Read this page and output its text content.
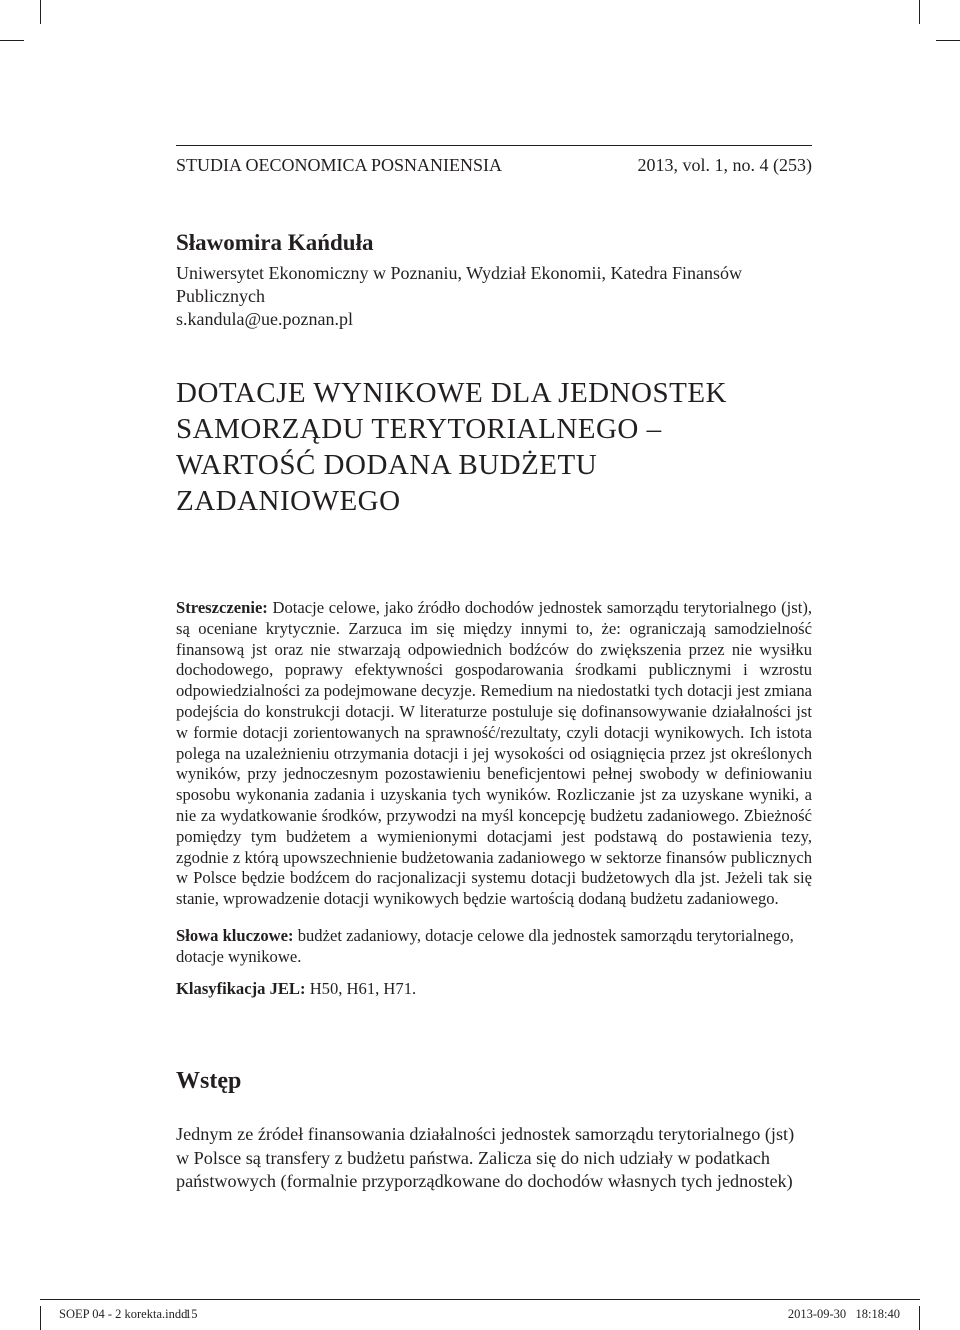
STUDIA OECONOMICA POSNANIENSIA	2013, vol. 1, no. 4 (253)
Sławomira Kańduła
Uniwersytet Ekonomiczny w Poznaniu, Wydział Ekonomii, Katedra Finansów Publicznych
s.kandula@ue.poznan.pl
DOTACJE WYNIKOWE DLA JEDNOSTEK
SAMORZĄDU TERYTORIALNEGO –
WARTOŚĆ DODANA BUDŻETU
ZADANIOWEGO

Streszczenie: Dotacje celowe, jako źródło dochodów jednostek samorządu terytorialnego (jst), są oceniane krytycznie. Zarzuca im się między innymi to, że: ograniczają samodzielność finansową jst oraz nie stwarzają odpowiednich bodźców do zwiększenia przez nie wysiłku dochodowego, poprawy efektywności gospodarowania środkami publicznymi i wzrostu odpowiedzialności za podejmowane decyzje. Remedium na niedostatki tych dotacji jest zmiana podejścia do konstrukcji dotacji. W literaturze postuluje się dofinansowywanie działalności jst w formie dotacji zorientowanych na sprawność/rezultaty, czyli dotacji wynikowych. Ich istota polega na uzależnieniu otrzymania dotacji i jej wysokości od osiągnięcia przez jst określonych wyników, przy jednoczesnym pozostawieniu beneficjentowi pełnej swobody w definiowaniu sposobu wykonania zadania i uzyskania tych wyników. Rozliczanie jst za uzyskane wyniki, a nie za wydatkowanie środków, przywodzi na myśl koncepcję budżetu zadaniowego. Zbieżność pomiędzy tym budżetem a wymienionymi dotacjami jest podstawą do postawienia tezy, zgodnie z którą upowszechnienie budżetowania zadaniowego w sektorze finansów publicznych w Polsce będzie bodźcem do racjonalizacji systemu dotacji budżetowych dla jst. Jeżeli tak się stanie, wprowadzenie dotacji wynikowych będzie wartością dodaną budżetu zadaniowego.

Słowa kluczowe: budżet zadaniowy, dotacje celowe dla jednostek samorządu terytorialnego, dotacje wynikowe.
Klasyfikacja JEL: H50, H61, H71.
Wstęp
Jednym ze źródeł finansowania działalności jednostek samorządu terytorialnego (jst)
w Polsce są transfery z budżetu państwa. Zalicza się do nich udziały w podatkach
państwowych (formalnie przyporządkowane do dochodów własnych tych jednostek)
SOEP 04 - 2 korekta.indd
15	2013-09-30   18:18:40
